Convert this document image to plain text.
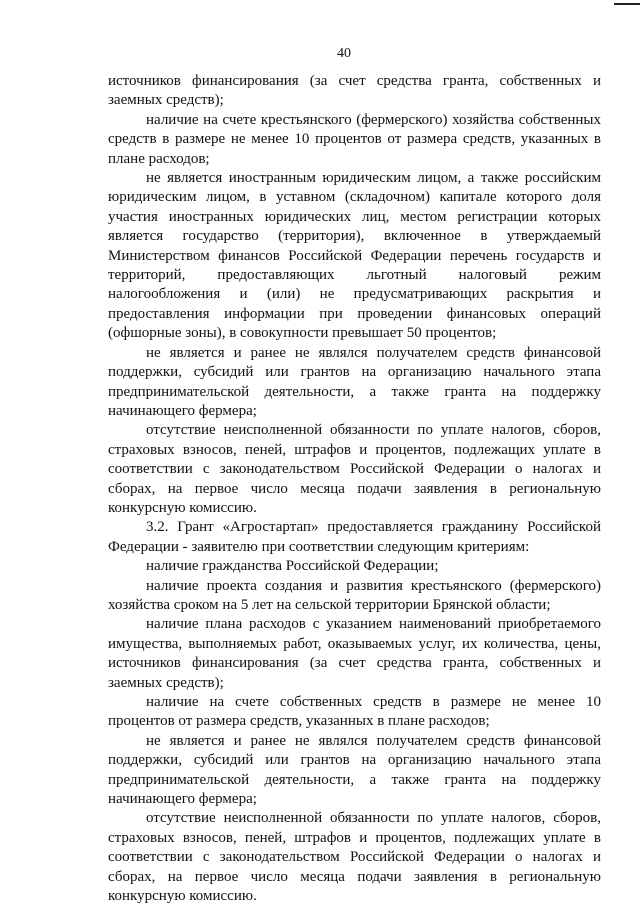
40

источников финансирования (за счет средства гранта, собственных и заемных средств);

наличие на счете крестьянского (фермерского) хозяйства собственных средств в размере не менее 10 процентов от размера средств, указанных в плане расходов;

не является иностранным юридическим лицом, а также российским юридическим лицом, в уставном (складочном) капитале которого доля участия иностранных юридических лиц, местом регистрации которых является государство (территория), включенное в утверждаемый Министерством финансов Российской Федерации перечень государств и территорий, предоставляющих льготный налоговый режим налогообложения и (или) не предусматривающих раскрытия и предоставления информации при проведении финансовых операций (офшорные зоны), в совокупности превышает 50 процентов;

не является и ранее не являлся получателем средств финансовой поддержки, субсидий или грантов на организацию начального этапа предпринимательской деятельности, а также гранта на поддержку начинающего фермера;

отсутствие неисполненной обязанности по уплате налогов, сборов, страховых взносов, пеней, штрафов и процентов, подлежащих уплате в соответствии с законодательством Российской Федерации о налогах и сборах, на первое число месяца подачи заявления в региональную конкурсную комиссию.

3.2. Грант «Агростартап» предоставляется гражданину Российской Федерации - заявителю при соответствии следующим критериям:

наличие гражданства Российской Федерации;

наличие проекта создания и развития крестьянского (фермерского) хозяйства сроком на 5 лет на сельской территории Брянской области;

наличие плана расходов с указанием наименований приобретаемого имущества, выполняемых работ, оказываемых услуг, их количества, цены, источников финансирования (за счет средства гранта, собственных и заемных средств);

наличие на счете собственных средств в размере не менее 10 процентов от размера средств, указанных в плане расходов;

не является и ранее не являлся получателем средств финансовой поддержки, субсидий или грантов на организацию начального этапа предпринимательской деятельности, а также гранта на поддержку начинающего фермера;

отсутствие неисполненной обязанности по уплате налогов, сборов, страховых взносов, пеней, штрафов и процентов, подлежащих уплате в соответствии с законодательством Российской Федерации о налогах и сборах, на первое число месяца подачи заявления в региональную конкурсную комиссию.
